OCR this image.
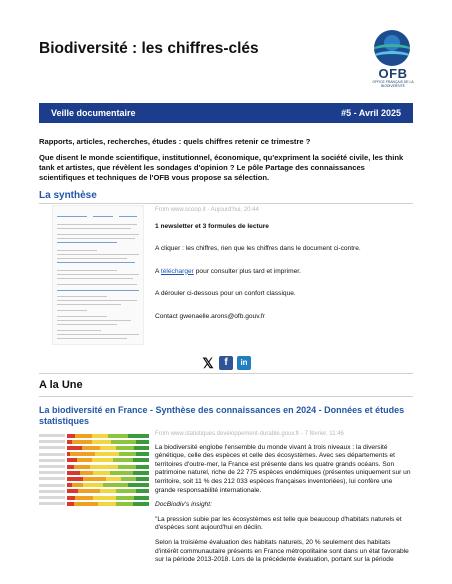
Biodiversité : les chiffres-clés
OFB
OFFICE FRANÇAIS DE LA BIODIVERSITÉ
Veille documentaire	#5 - Avril 2025
Rapports, articles, recherches, études : quels chiffres retenir ce trimestre ?
Que disent le monde scientifique, institutionnel, économique, qu'expriment la société civile, les think tank et artistes, que révèlent les sondages d'opinion ? Le pôle Partage des connaissances scientifiques et techniques de l'OFB vous propose sa sélection.
La synthèse
From www.scoop.it - Aujourd'hui, 20:44

1 newsletter et 3 formules de lecture

A cliquer : les chiffres, rien que les chiffres dans le document ci-contre.

A télécharger pour consulter plus tard et imprimer.

A dérouler ci-dessous pour un confort classique.

Contact gwenaelle.arons@ofb.gouv.fr

𝕏	f	in
A la Une
La biodiversité en France - Synthèse des connaissances en 2024 - Données et études statistiques
From www.statistiques.developpement-durable.gouv.fr - 7 février, 11:46

La biodiversité englobe l'ensemble du monde vivant à trois niveaux : la diversité génétique, celle des espèces et celle des écosystèmes. Avec ses départements et territoires d'outre-mer, la France est présente dans les quatre grands océans. Son patrimoine naturel, riche de 22 775 espèces endémiques (présentes uniquement sur un territoire, soit 11 % des 212 033 espèces françaises inventoriées), lui confère une grande responsabilité internationale.

DocBiodiv's insight:

"La pression subie par les écosystèmes est telle que beaucoup d'habitats naturels et d'espèces sont aujourd'hui en déclin.

Selon la troisième évaluation des habitats naturels, 20 % seulement des habitats d'intérêt communautaire présents en France métropolitaine sont dans un état favorable sur la période 2013-2018. Lors de la précédente évaluation, portant sur la période
